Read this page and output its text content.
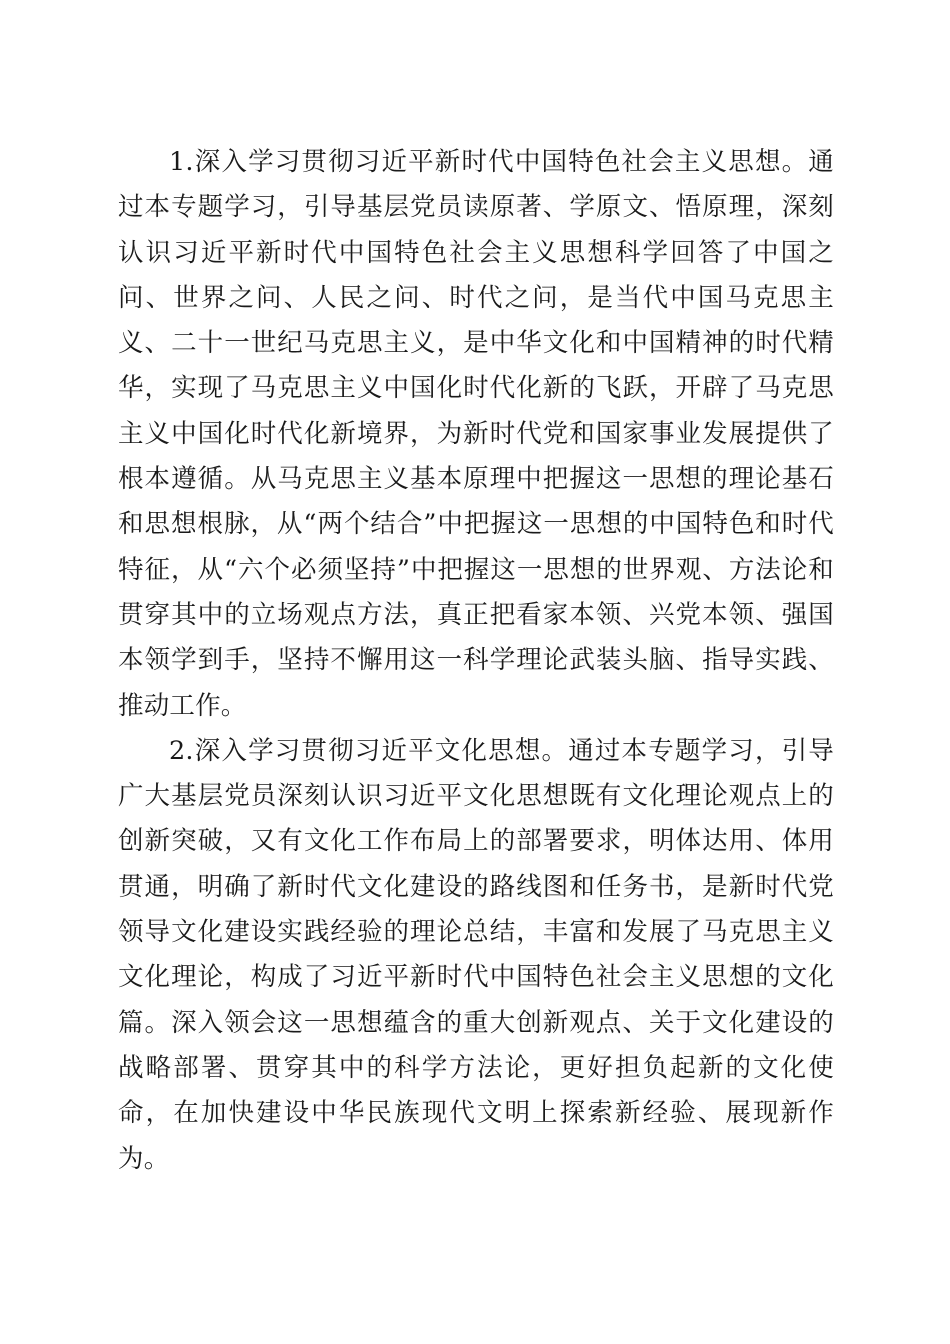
1.深入学习贯彻习近平新时代中国特色社会主义思想。通过本专题学习，引导基层党员读原著、学原文、悟原理，深刻认识习近平新时代中国特色社会主义思想科学回答了中国之问、世界之问、人民之问、时代之问，是当代中国马克思主义、二十一世纪马克思主义，是中华文化和中国精神的时代精华，实现了马克思主义中国化时代化新的飞跃，开辟了马克思主义中国化时代化新境界，为新时代党和国家事业发展提供了根本遵循。从马克思主义基本原理中把握这一思想的理论基石和思想根脉，从“两个结合”中把握这一思想的中国特色和时代特征，从“六个必须坚持”中把握这一思想的世界观、方法论和贯穿其中的立场观点方法，真正把看家本领、兴党本领、强国本领学到手，坚持不懈用这一科学理论武装头脑、指导实践、推动工作。

2.深入学习贯彻习近平文化思想。通过本专题学习，引导广大基层党员深刻认识习近平文化思想既有文化理论观点上的创新突破，又有文化工作布局上的部署要求，明体达用、体用贯通，明确了新时代文化建设的路线图和任务书，是新时代党领导文化建设实践经验的理论总结，丰富和发展了马克思主义文化理论，构成了习近平新时代中国特色社会主义思想的文化篇。深入领会这一思想蕴含的重大创新观点、关于文化建设的战略部署、贯穿其中的科学方法论，更好担负起新的文化使命，在加快建设中华民族现代文明上探索新经验、展现新作为。
